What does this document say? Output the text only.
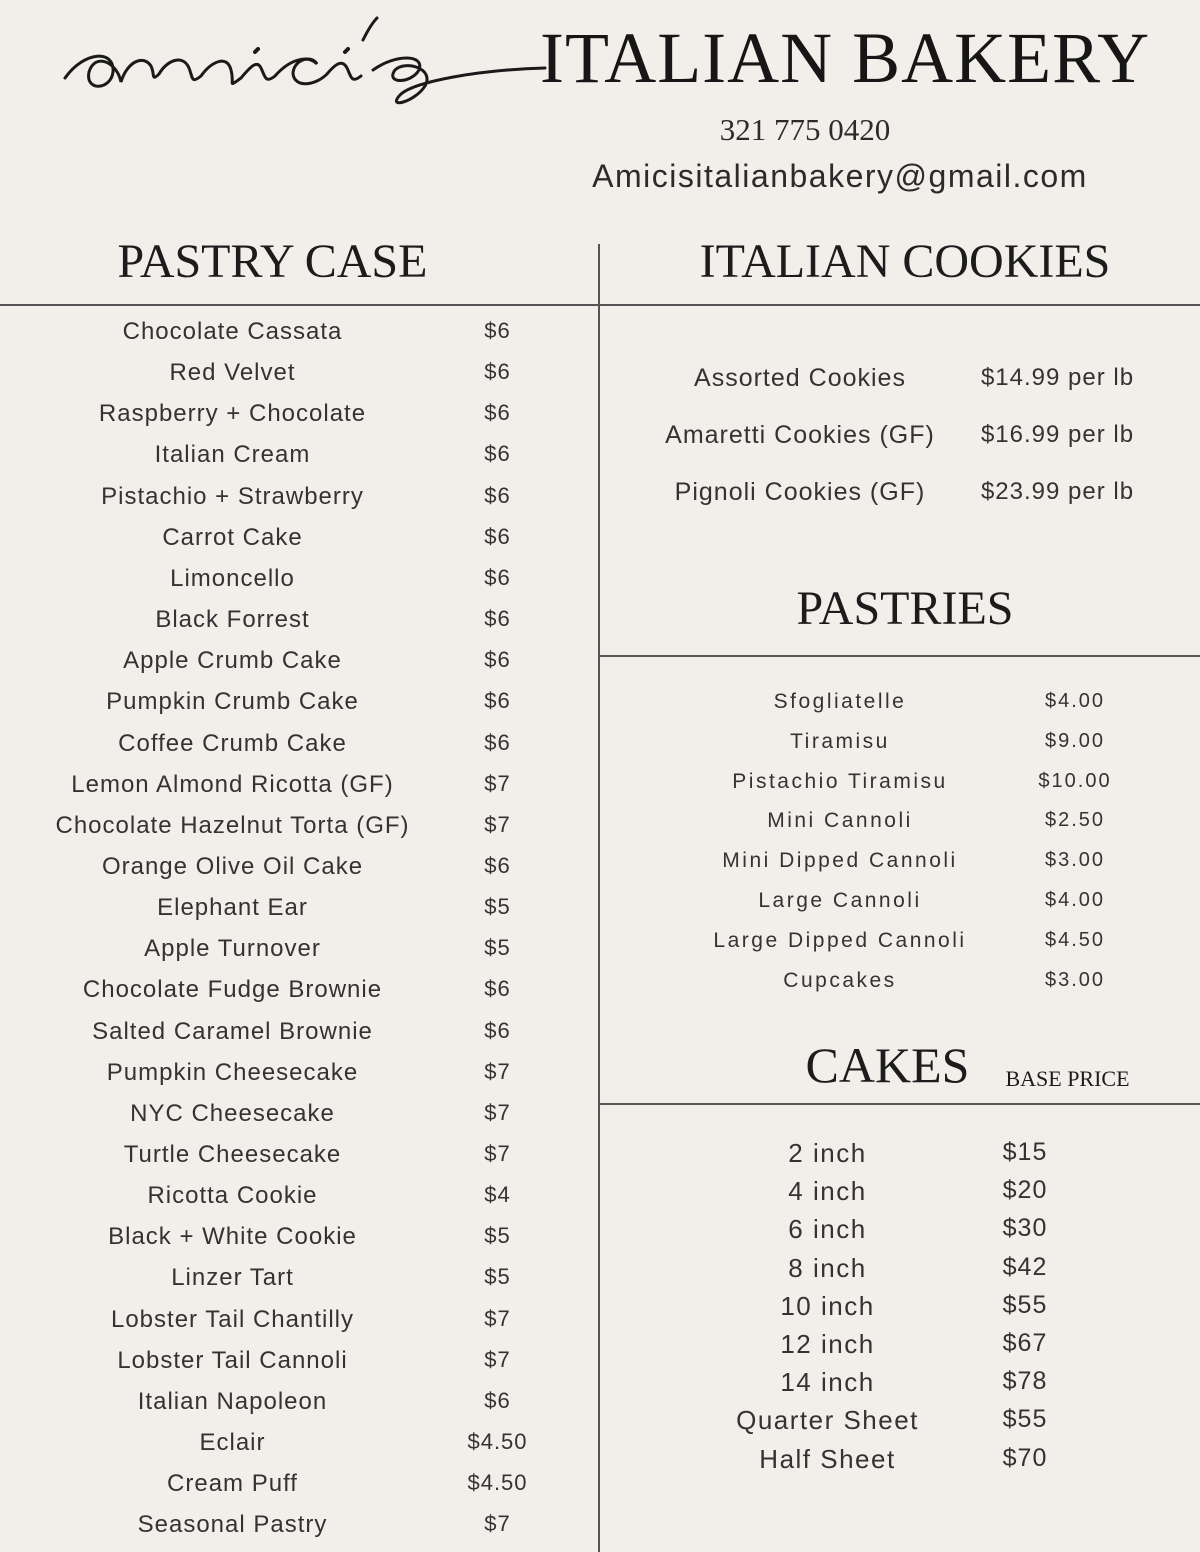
ITALIAN BAKERY
321 775 0420
Amicisitalianbakery@gmail.com
PASTRY CASE
Chocolate Cassata	$6
Red Velvet	$6
Raspberry + Chocolate	$6
Italian Cream	$6
Pistachio + Strawberry	$6
Carrot Cake	$6
Limoncello	$6
Black Forrest	$6
Apple Crumb Cake	$6
Pumpkin Crumb Cake	$6
Coffee Crumb Cake	$6
Lemon Almond Ricotta (GF)	$7
Chocolate Hazelnut Torta (GF)	$7
Orange Olive Oil Cake	$6
Elephant Ear	$5
Apple Turnover	$5
Chocolate Fudge Brownie	$6
Salted Caramel Brownie	$6
Pumpkin Cheesecake	$7
NYC Cheesecake	$7
Turtle Cheesecake	$7
Ricotta Cookie	$4
Black + White Cookie	$5
Linzer Tart	$5
Lobster Tail Chantilly	$7
Lobster Tail Cannoli	$7
Italian Napoleon	$6
Eclair	$4.50
Cream Puff	$4.50
Seasonal Pastry	$7
ITALIAN COOKIES
Assorted Cookies	$14.99 per lb
Amaretti Cookies (GF)	$16.99 per lb
Pignoli Cookies (GF)	$23.99 per lb
PASTRIES
Sfogliatelle	$4.00
Tiramisu	$9.00
Pistachio Tiramisu	$10.00
Mini Cannoli	$2.50
Mini Dipped Cannoli	$3.00
Large Cannoli	$4.00
Large Dipped Cannoli	$4.50
Cupcakes	$3.00
CAKES	BASE PRICE
2 inch	$15
4 inch	$20
6 inch	$30
8 inch	$42
10 inch	$55
12 inch	$67
14 inch	$78
Quarter Sheet	$55
Half Sheet	$70
